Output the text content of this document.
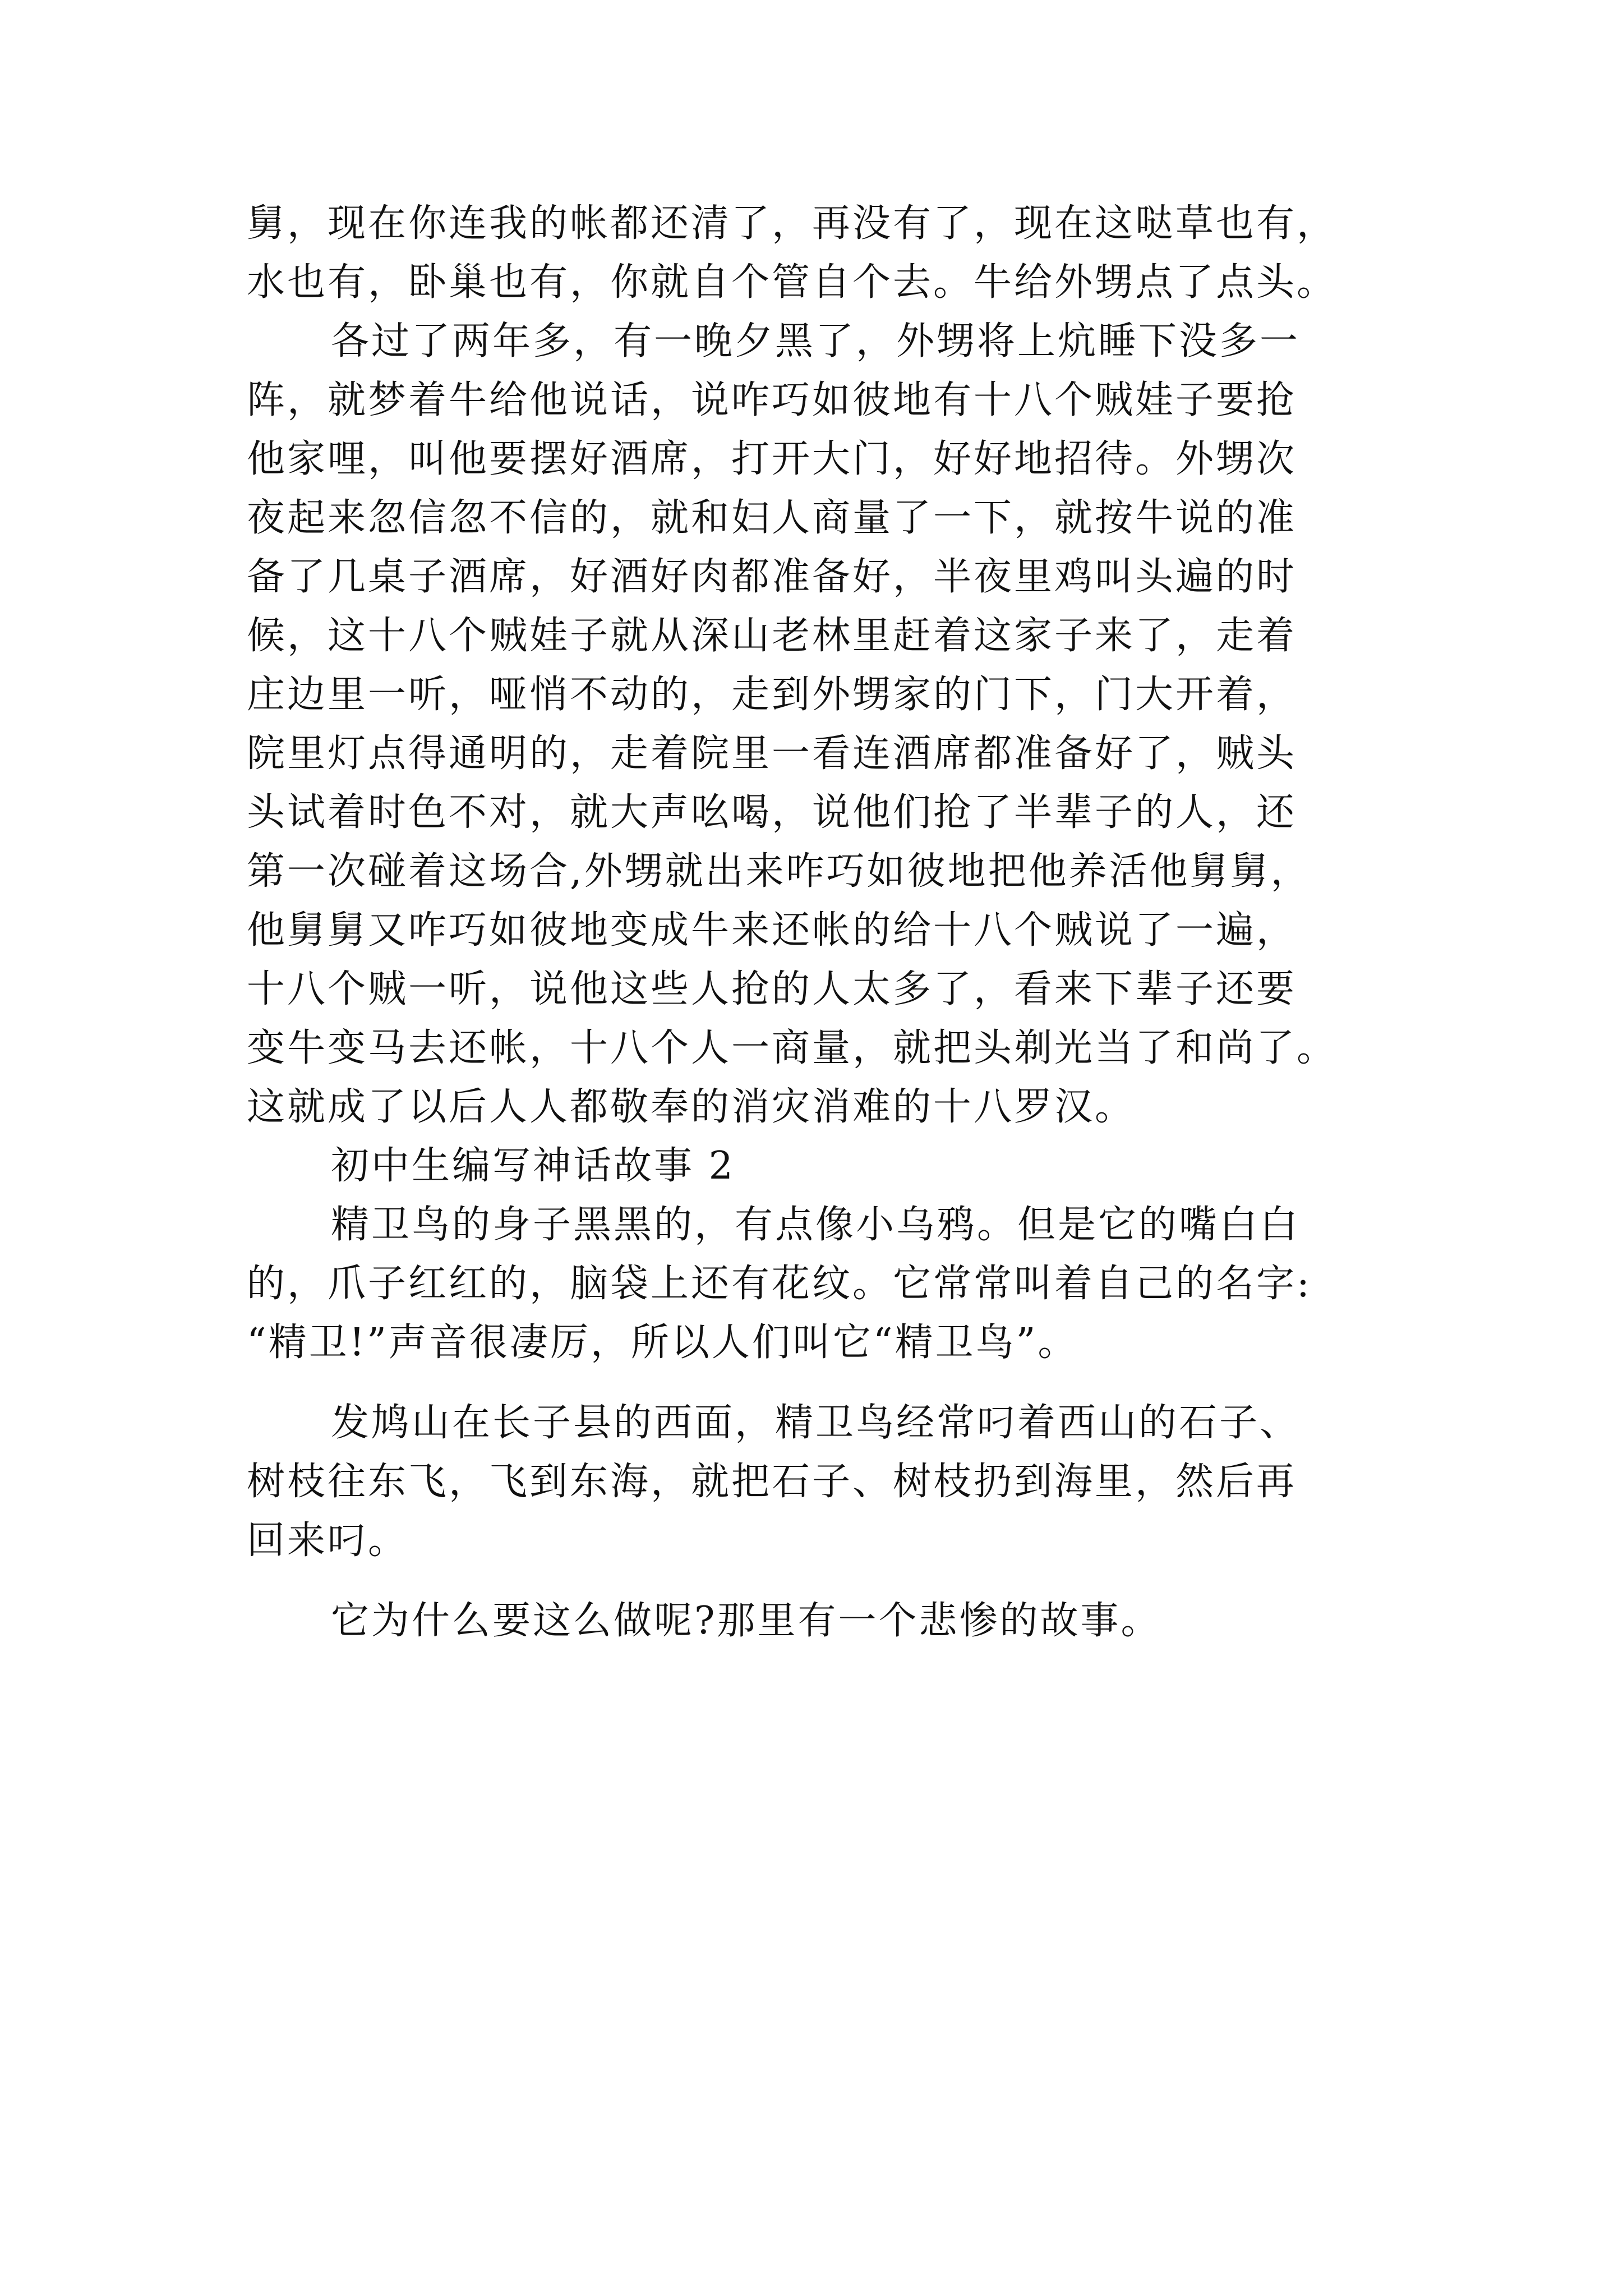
舅，现在你连我的帐都还清了，再没有了，现在这哒草也有，
水也有，卧巢也有，你就自个管自个去。牛给外甥点了点头。
各过了两年多，有一晚夕黑了，外甥将上炕睡下没多一
阵，就梦着牛给他说话，说咋巧如彼地有十八个贼娃子要抢
他家哩，叫他要摆好酒席，打开大门，好好地招待。外甥次
夜起来忽信忽不信的，就和妇人商量了一下，就按牛说的准
备了几桌子酒席，好酒好肉都准备好，半夜里鸡叫头遍的时
候，这十八个贼娃子就从深山老林里赶着这家子来了，走着
庄边里一听，哑悄不动的，走到外甥家的门下，门大开着，
院里灯点得通明的，走着院里一看连酒席都准备好了，贼头
头试着时色不对，就大声吆喝，说他们抢了半辈子的人，还
第一次碰着这场合,外甥就出来咋巧如彼地把他养活他舅舅，
他舅舅又咋巧如彼地变成牛来还帐的给十八个贼说了一遍，
十八个贼一听，说他这些人抢的人太多了，看来下辈子还要
变牛变马去还帐，十八个人一商量，就把头剃光当了和尚了。
这就成了以后人人都敬奉的消灾消难的十八罗汉。
初中生编写神话故事 2
精卫鸟的身子黑黑的，有点像小乌鸦。但是它的嘴白白
的，爪子红红的，脑袋上还有花纹。它常常叫着自己的名字:
“精卫!”声音很凄厉，所以人们叫它“精卫鸟”。
发鸠山在长子县的西面，精卫鸟经常叼着西山的石子、
树枝往东飞，飞到东海，就把石子、树枝扔到海里，然后再
回来叼。
它为什么要这么做呢?那里有一个悲惨的故事。
